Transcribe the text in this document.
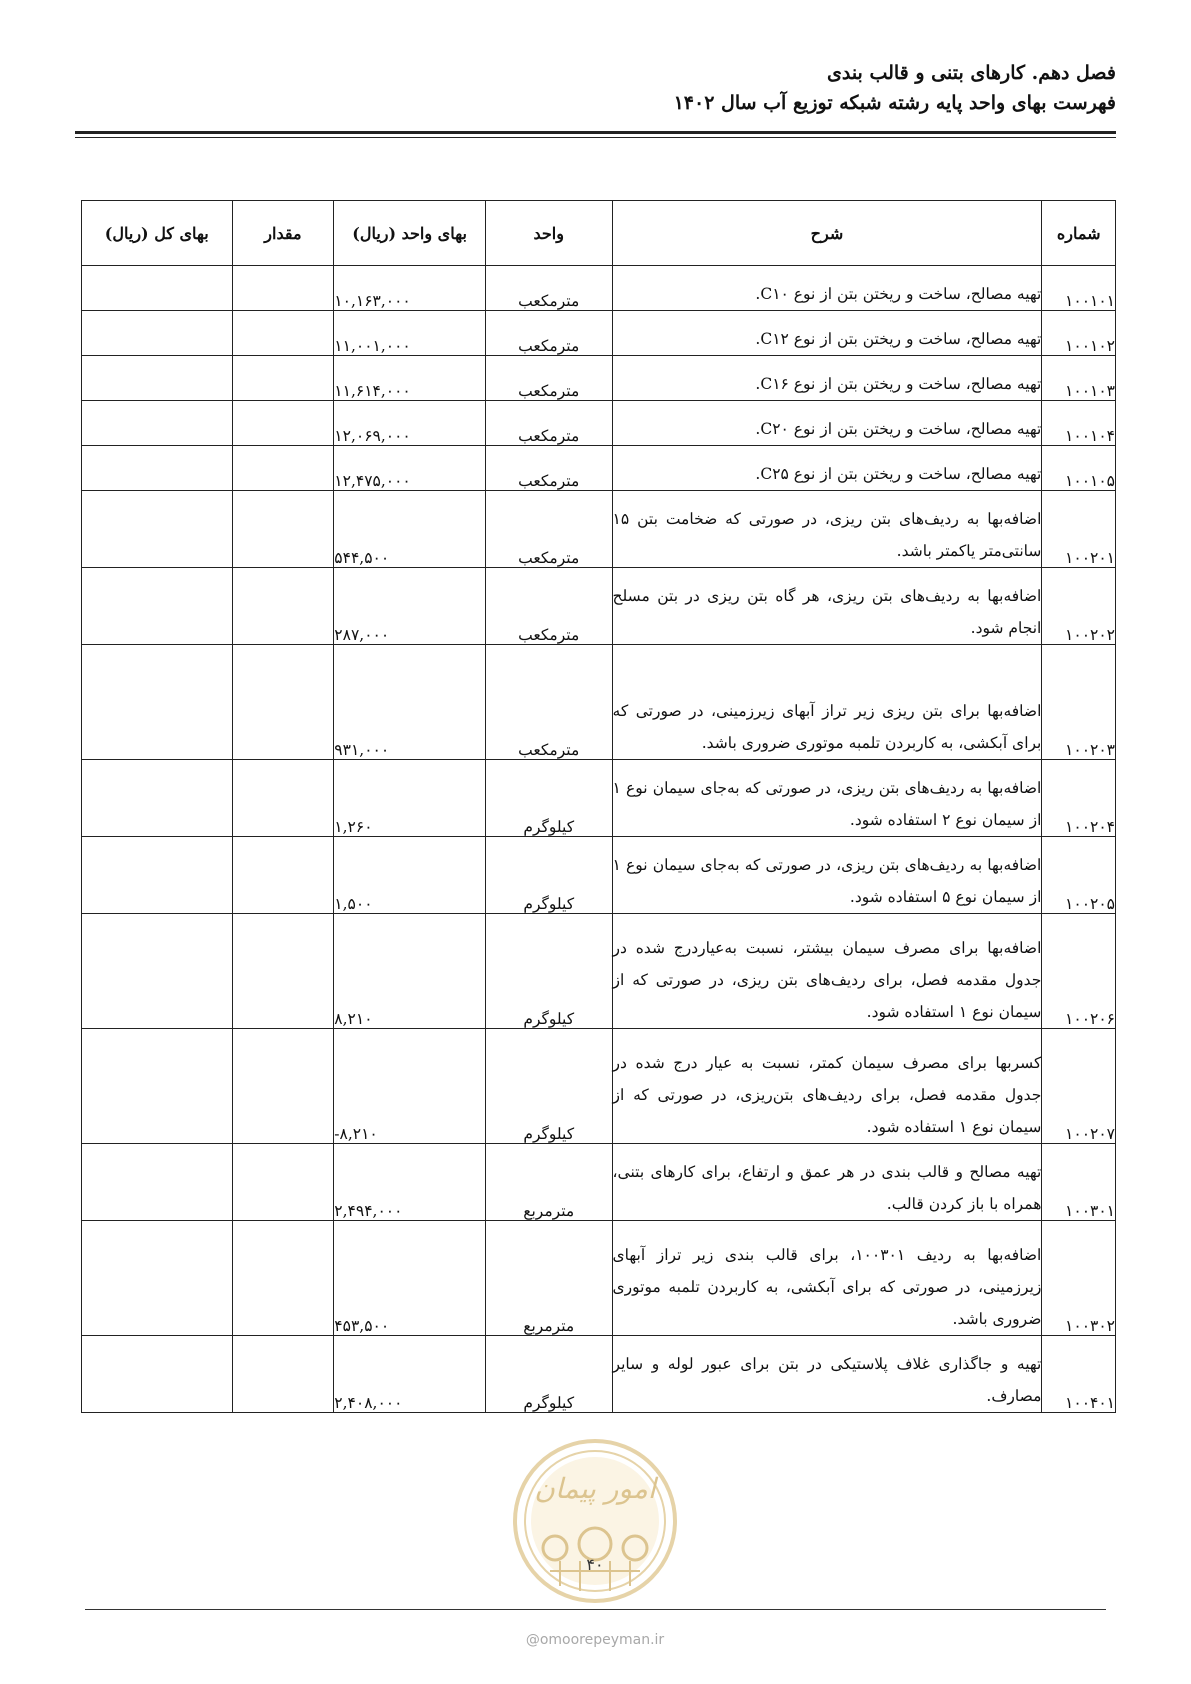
فصل دهم. کارهای بتنی و قالب بندی
فهرست بهای واحد پایه رشته شبکه توزیع آب سال ۱۴۰۲
شماره	شرح	واحد	بهای واحد (ریال)	مقدار	بهای کل (ریال)
۱۰۰۱۰۱	تهیه مصالح، ساخت و ریختن بتن از نوع C۱۰.	مترمکعب	۱۰,۱۶۳,۰۰۰		
۱۰۰۱۰۲	تهیه مصالح، ساخت و ریختن بتن از نوع C۱۲.	مترمکعب	۱۱,۰۰۱,۰۰۰		
۱۰۰۱۰۳	تهیه مصالح، ساخت و ریختن بتن از نوع C۱۶.	مترمکعب	۱۱,۶۱۴,۰۰۰		
۱۰۰۱۰۴	تهیه مصالح، ساخت و ریختن بتن از نوع C۲۰.	مترمکعب	۱۲,۰۶۹,۰۰۰		
۱۰۰۱۰۵	تهیه مصالح، ساخت و ریختن بتن از نوع C۲۵.	مترمکعب	۱۲,۴۷۵,۰۰۰		
۱۰۰۲۰۱	اضافه‌بها به ردیف‌های بتن ریزی، در صورتی که ضخامت بتن ۱۵ سانتی‌متر یاکمتر باشد.	مترمکعب	۵۴۴,۵۰۰		
۱۰۰۲۰۲	اضافه‌بها به ردیف‌های بتن ریزی، هر گاه بتن ریزی در بتن مسلح انجام شود.	مترمکعب	۲۸۷,۰۰۰		
۱۰۰۲۰۳	اضافه‌بها برای بتن ریزی زیر تراز آبهای زیرزمینی، در صورتی که برای آبکشی، به کاربردن تلمبه موتوری ضروری باشد.	مترمکعب	۹۳۱,۰۰۰		
۱۰۰۲۰۴	اضافه‌بها به ردیف‌های بتن ریزی، در صورتی که به‌جای سیمان نوع ۱ از سیمان نوع ۲ استفاده شود.	کیلوگرم	۱,۲۶۰		
۱۰۰۲۰۵	اضافه‌بها به ردیف‌های بتن ریزی، در صورتی که به‌جای سیمان نوع ۱ از سیمان نوع ۵ استفاده شود.	کیلوگرم	۱,۵۰۰		
۱۰۰۲۰۶	اضافه‌بها برای مصرف سیمان بیشتر، نسبت به‌عیاردرج شده در جدول مقدمه فصل، برای ردیف‌های بتن ریزی، در صورتی که از سیمان نوع ۱ استفاده شود.	کیلوگرم	۸,۲۱۰		
۱۰۰۲۰۷	کسربها برای مصرف سیمان کمتر، نسبت به عیار درج شده در جدول مقدمه فصل، برای ردیف‌های بتن‌ریزی، در صورتی که از سیمان نوع ۱ استفاده شود.	کیلوگرم	-۸,۲۱۰		
۱۰۰۳۰۱	تهیه مصالح و قالب بندی در هر عمق و ارتفاع، برای کارهای بتنی، همراه با باز کردن قالب.	مترمربع	۲,۴۹۴,۰۰۰		
۱۰۰۳۰۲	اضافه‌بها به ردیف ۱۰۰۳۰۱، برای قالب بندی زیر تراز آبهای زیرزمینی، در صورتی که برای آبکشی، به کاربردن تلمبه موتوری ضروری باشد.	مترمربع	۴۵۳,۵۰۰		
۱۰۰۴۰۱	تهیه و جاگذاری غلاف پلاستیکی در بتن برای عبور لوله و سایر مصارف.	کیلوگرم	۲,۴۰۸,۰۰۰		
امور پیمان
۴۰
@omoorepeyman.ir
